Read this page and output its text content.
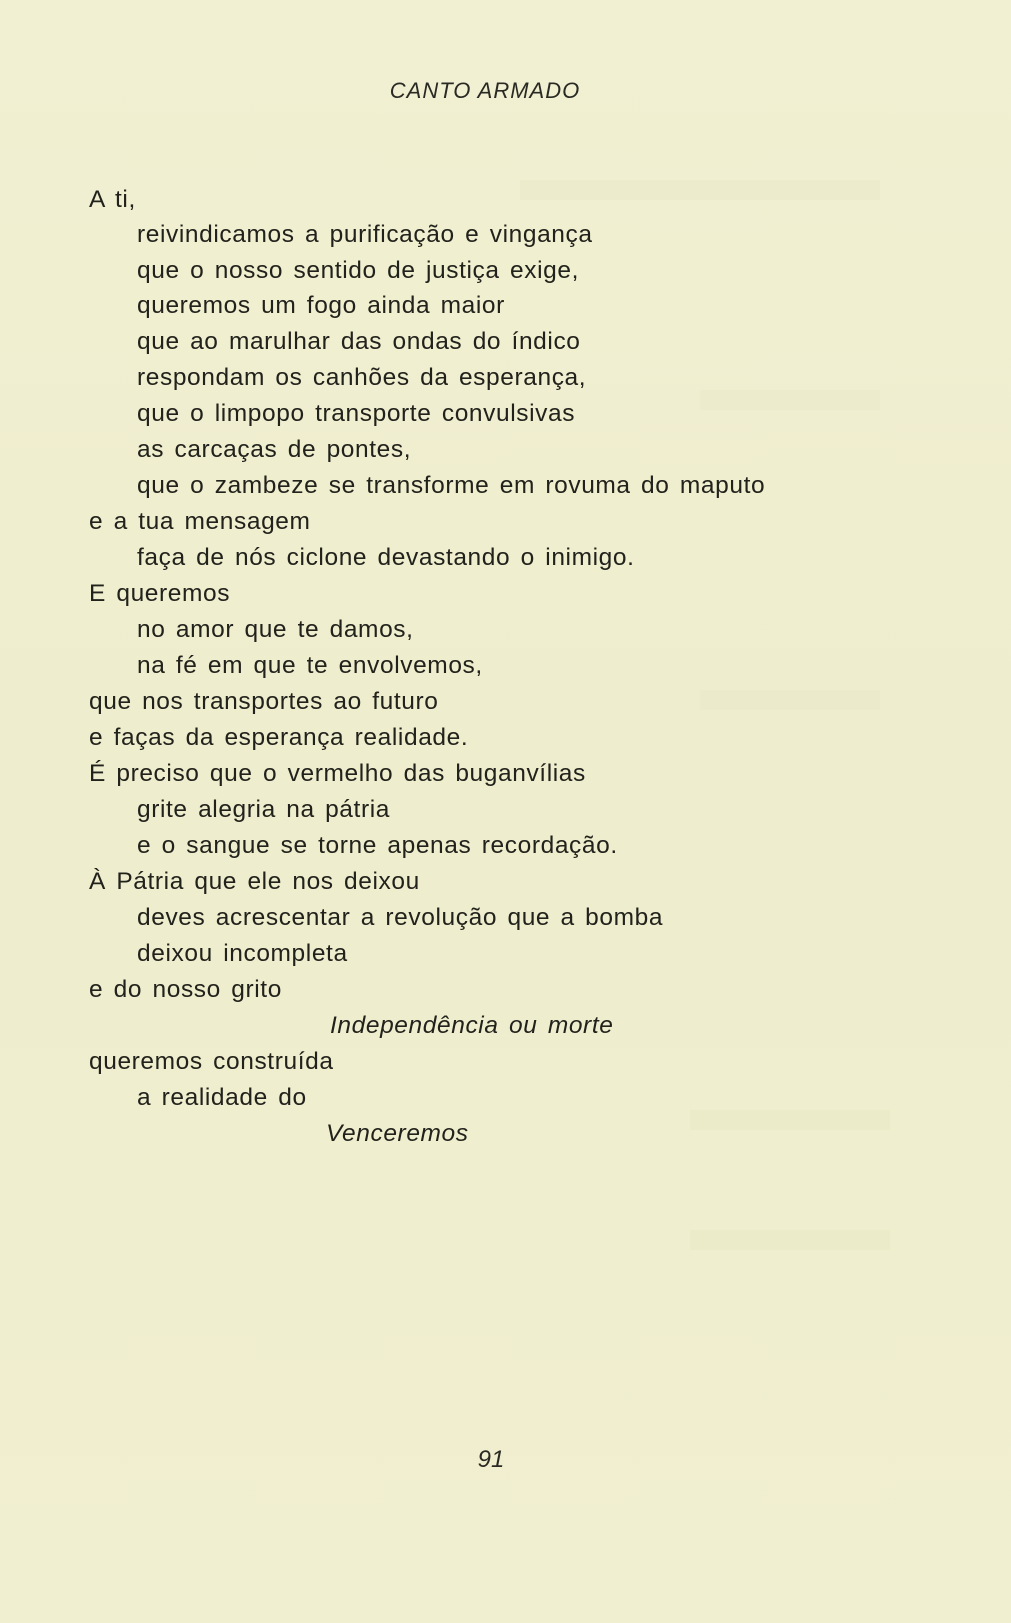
CANTO ARMADO
A ti,
reivindicamos a purificação e vingança
que o nosso sentido de justiça exige,
queremos um fogo ainda maior
que ao marulhar das ondas do índico
respondam os canhões da esperança,
que o limpopo transporte convulsivas
as carcaças de pontes,
que o zambeze se transforme em rovuma do maputo
e a tua mensagem
faça de nós ciclone devastando o inimigo.
E queremos
no amor que te damos,
na fé em que te envolvemos,
que nos transportes ao futuro
e faças da esperança realidade.
É preciso que o vermelho das buganvílias
grite alegria na pátria
e o sangue se torne apenas recordação.
À Pátria que ele nos deixou
deves acrescentar a revolução que a bomba
deixou incompleta
e do nosso grito
Independência ou morte
queremos construída
a realidade do
Venceremos
91
